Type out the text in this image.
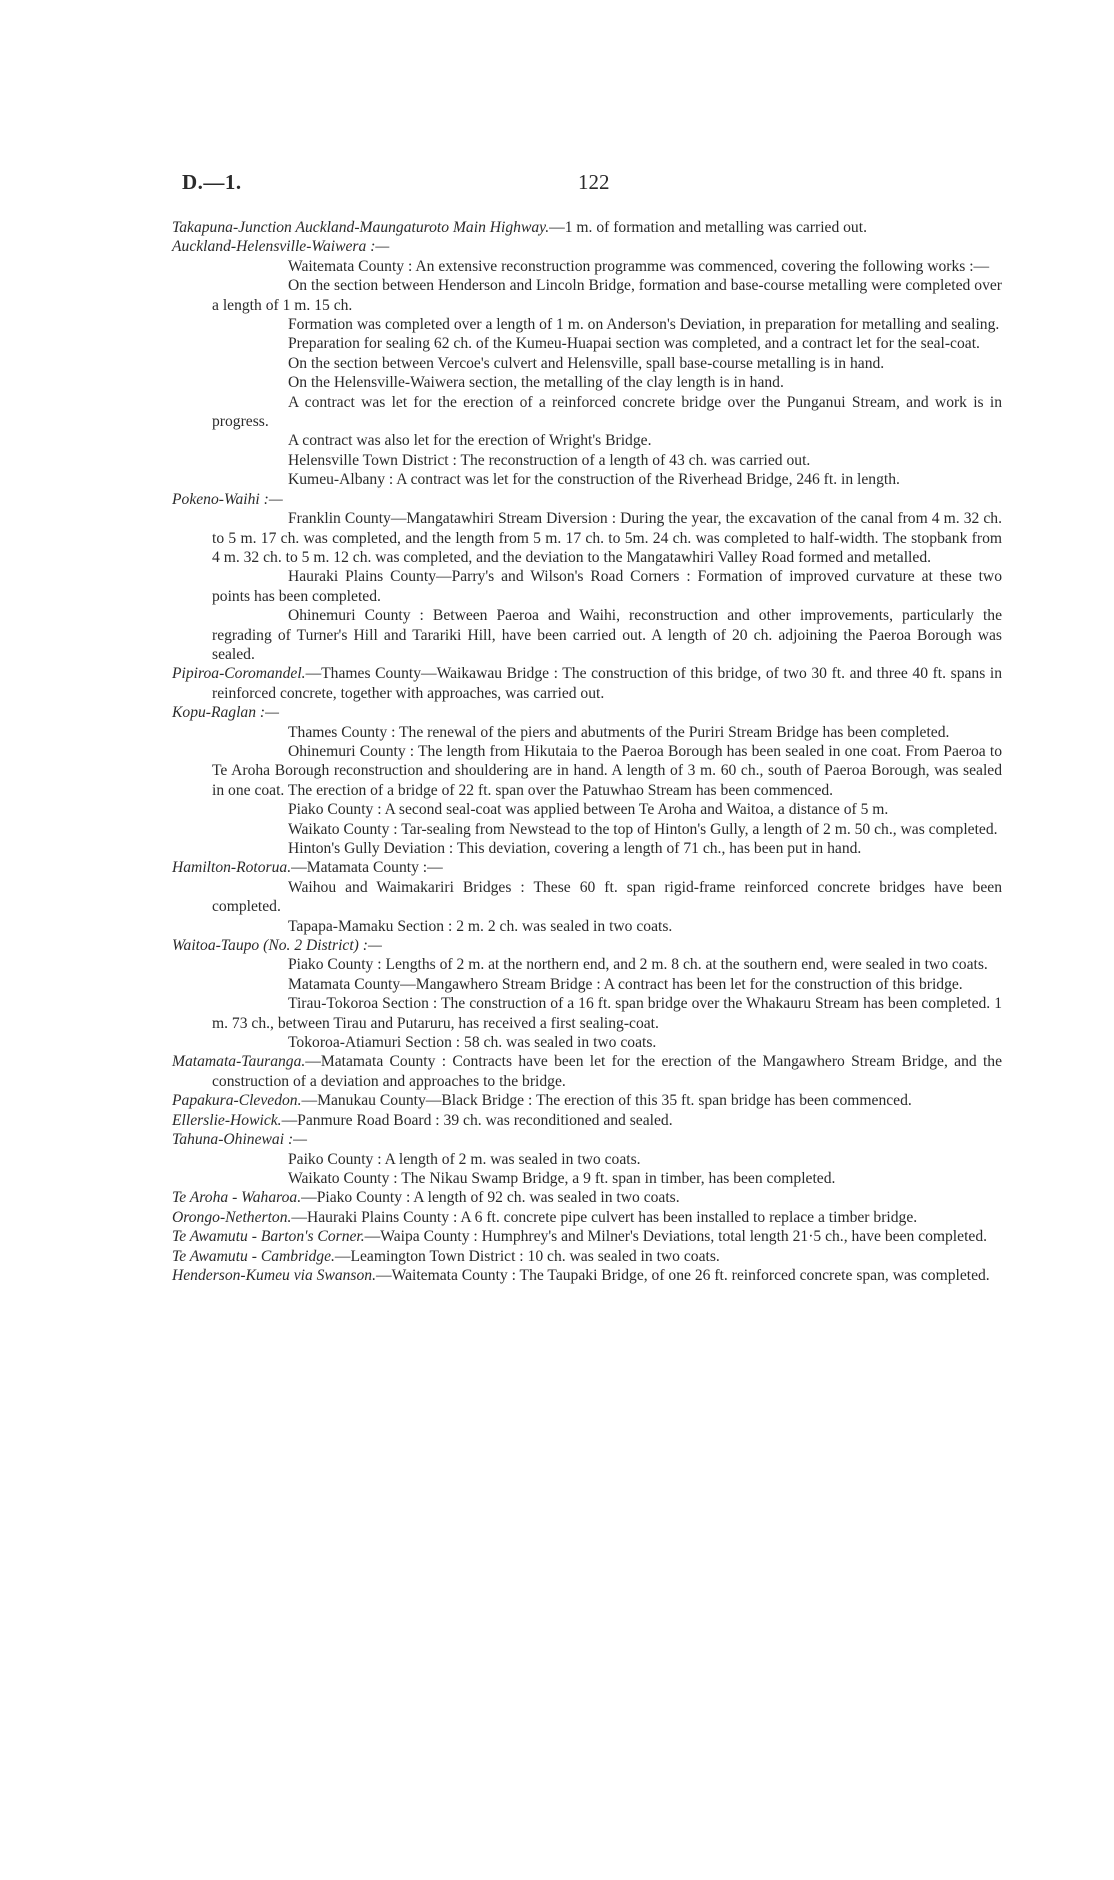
D.—1.	122

Takapuna-Junction Auckland-Maungaturoto Main Highway.—1 m. of formation and metalling was carried out.

Auckland-Helensville-Waiwera :—

Waitemata County : An extensive reconstruction programme was commenced, covering the following works :—

On the section between Henderson and Lincoln Bridge, formation and base-course metalling were completed over a length of 1 m. 15 ch.

Formation was completed over a length of 1 m. on Anderson's Deviation, in preparation for metalling and sealing.

Preparation for sealing 62 ch. of the Kumeu-Huapai section was completed, and a contract let for the seal-coat.

On the section between Vercoe's culvert and Helensville, spall base-course metalling is in hand.

On the Helensville-Waiwera section, the metalling of the clay length is in hand.

A contract was let for the erection of a reinforced concrete bridge over the Punganui Stream, and work is in progress.

A contract was also let for the erection of Wright's Bridge.

Helensville Town District : The reconstruction of a length of 43 ch. was carried out.

Kumeu-Albany : A contract was let for the construction of the Riverhead Bridge, 246 ft. in length.

Pokeno-Waihi :—

Franklin County—Mangatawhiri Stream Diversion : During the year, the excavation of the canal from 4 m. 32 ch. to 5 m. 17 ch. was completed, and the length from 5 m. 17 ch. to 5m. 24 ch. was completed to half-width. The stopbank from 4 m. 32 ch. to 5 m. 12 ch. was completed, and the deviation to the Mangatawhiri Valley Road formed and metalled.

Hauraki Plains County—Parry's and Wilson's Road Corners : Formation of improved curvature at these two points has been completed.

Ohinemuri County : Between Paeroa and Waihi, reconstruction and other improvements, particularly the regrading of Turner's Hill and Tarariki Hill, have been carried out. A length of 20 ch. adjoining the Paeroa Borough was sealed.

Pipiroa-Coromandel.—Thames County—Waikawau Bridge : The construction of this bridge, of two 30 ft. and three 40 ft. spans in reinforced concrete, together with approaches, was carried out.

Kopu-Raglan :—

Thames County : The renewal of the piers and abutments of the Puriri Stream Bridge has been completed.

Ohinemuri County : The length from Hikutaia to the Paeroa Borough has been sealed in one coat. From Paeroa to Te Aroha Borough reconstruction and shouldering are in hand. A length of 3 m. 60 ch., south of Paeroa Borough, was sealed in one coat. The erection of a bridge of 22 ft. span over the Patuwhao Stream has been commenced.

Piako County : A second seal-coat was applied between Te Aroha and Waitoa, a distance of 5 m.

Waikato County : Tar-sealing from Newstead to the top of Hinton's Gully, a length of 2 m. 50 ch., was completed.

Hinton's Gully Deviation : This deviation, covering a length of 71 ch., has been put in hand.

Hamilton-Rotorua.—Matamata County :—

Waihou and Waimakariri Bridges : These 60 ft. span rigid-frame reinforced concrete bridges have been completed.

Tapapa-Mamaku Section : 2 m. 2 ch. was sealed in two coats.

Waitoa-Taupo (No. 2 District) :—

Piako County : Lengths of 2 m. at the northern end, and 2 m. 8 ch. at the southern end, were sealed in two coats.

Matamata County—Mangawhero Stream Bridge : A contract has been let for the construction of this bridge.

Tirau-Tokoroa Section : The construction of a 16 ft. span bridge over the Whakauru Stream has been completed. 1 m. 73 ch., between Tirau and Putaruru, has received a first sealing-coat.

Tokoroa-Atiamuri Section : 58 ch. was sealed in two coats.

Matamata-Tauranga.—Matamata County : Contracts have been let for the erection of the Mangawhero Stream Bridge, and the construction of a deviation and approaches to the bridge.

Papakura-Clevedon.—Manukau County—Black Bridge : The erection of this 35 ft. span bridge has been commenced.

Ellerslie-Howick.—Panmure Road Board : 39 ch. was reconditioned and sealed.

Tahuna-Ohinewai :—

Paiko County : A length of 2 m. was sealed in two coats.

Waikato County : The Nikau Swamp Bridge, a 9 ft. span in timber, has been completed.

Te Aroha - Waharoa.—Piako County : A length of 92 ch. was sealed in two coats.

Orongo-Netherton.—Hauraki Plains County : A 6 ft. concrete pipe culvert has been installed to replace a timber bridge.

Te Awamutu - Barton's Corner.—Waipa County : Humphrey's and Milner's Deviations, total length 21·5 ch., have been completed.

Te Awamutu - Cambridge.—Leamington Town District : 10 ch. was sealed in two coats.

Henderson-Kumeu via Swanson.—Waitemata County : The Taupaki Bridge, of one 26 ft. reinforced concrete span, was completed.
